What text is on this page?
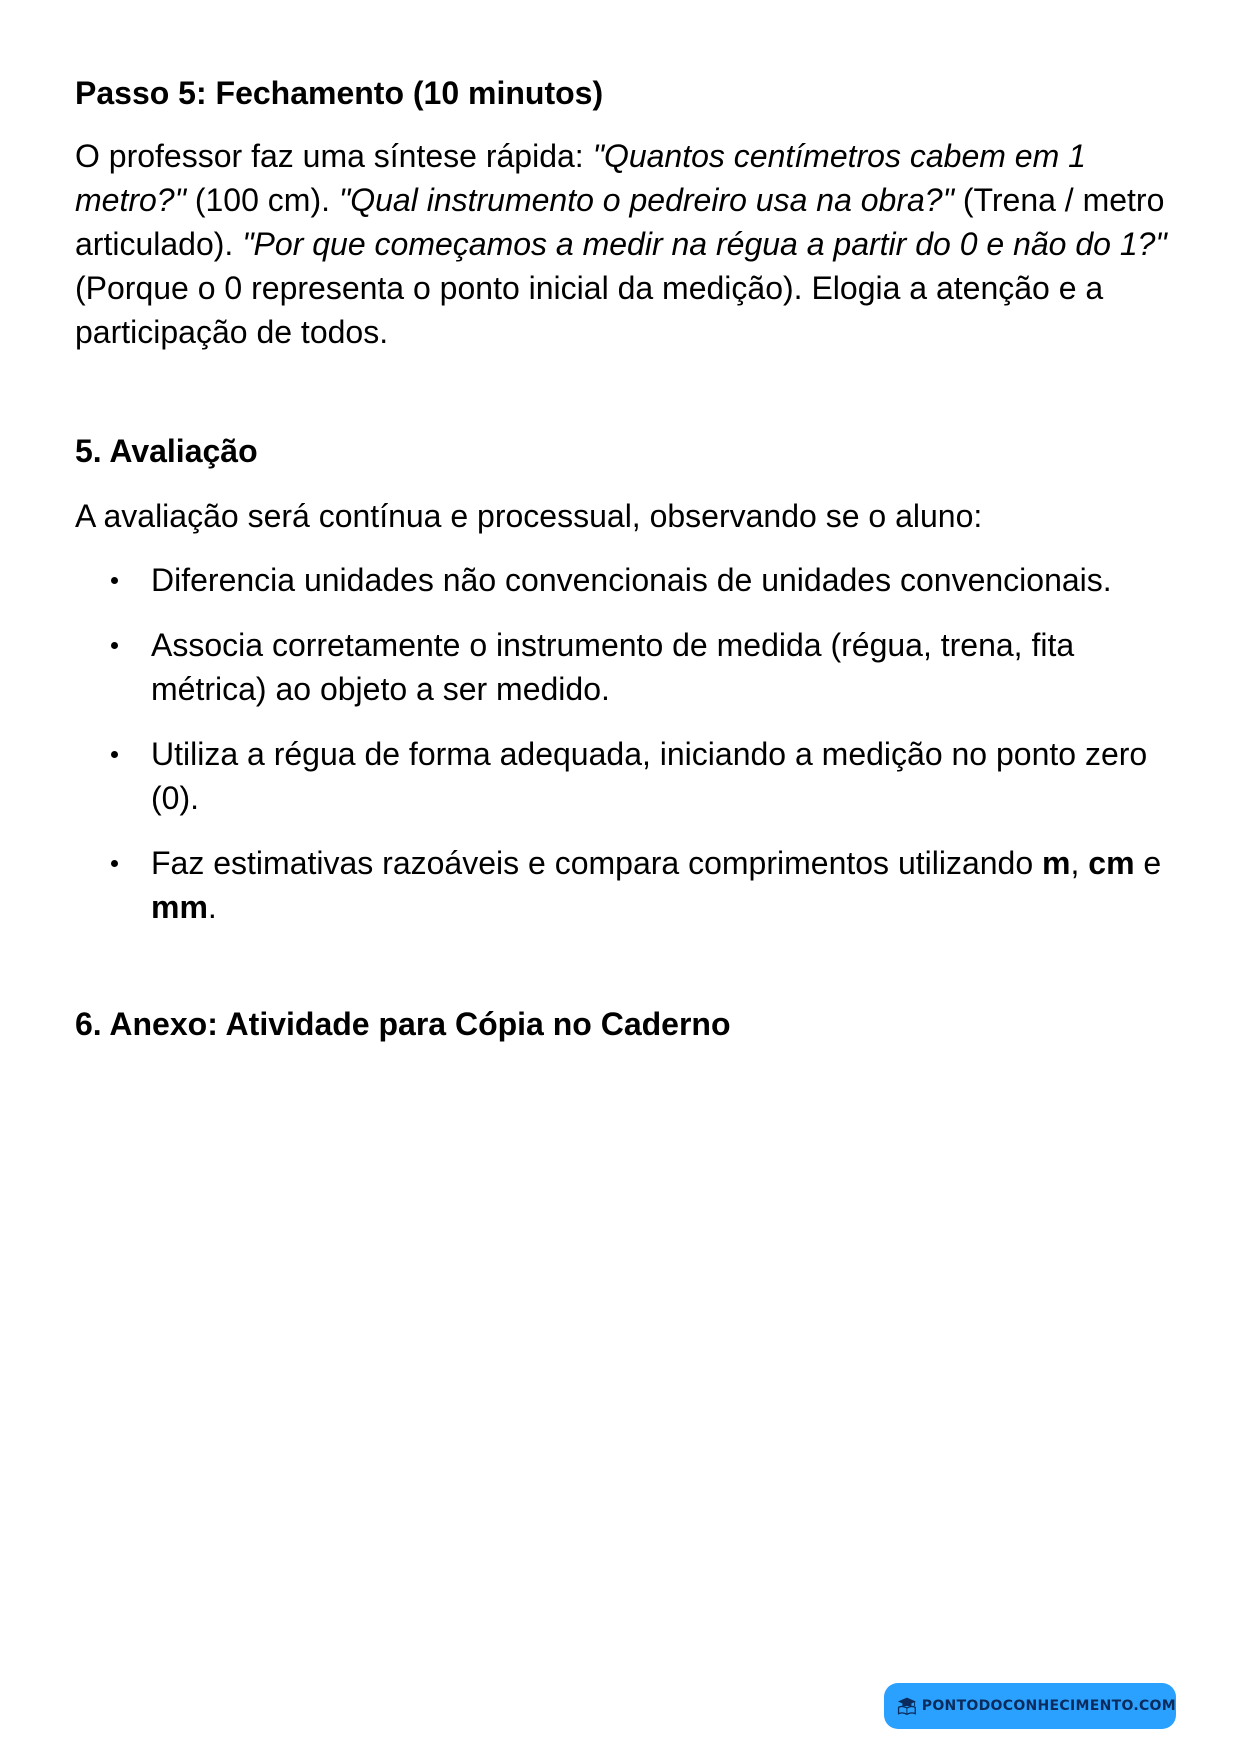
Passo 5: Fechamento (10 minutos)

O professor faz uma síntese rápida: "Quantos centímetros cabem em 1 metro?" (100 cm). "Qual instrumento o pedreiro usa na obra?" (Trena / metro articulado). "Por que começamos a medir na régua a partir do 0 e não do 1?" (Porque o 0 representa o ponto inicial da medição). Elogia a atenção e a participação de todos.

5. Avaliação

A avaliação será contínua e processual, observando se o aluno:

Diferencia unidades não convencionais de unidades convencionais.
Associa corretamente o instrumento de medida (régua, trena, fita métrica) ao objeto a ser medido.
Utiliza a régua de forma adequada, iniciando a medição no ponto zero (0).
Faz estimativas razoáveis e compara comprimentos utilizando m, cm e mm.
6. Anexo: Atividade para Cópia no Caderno
PONTODOCONHECIMENTO.COM
